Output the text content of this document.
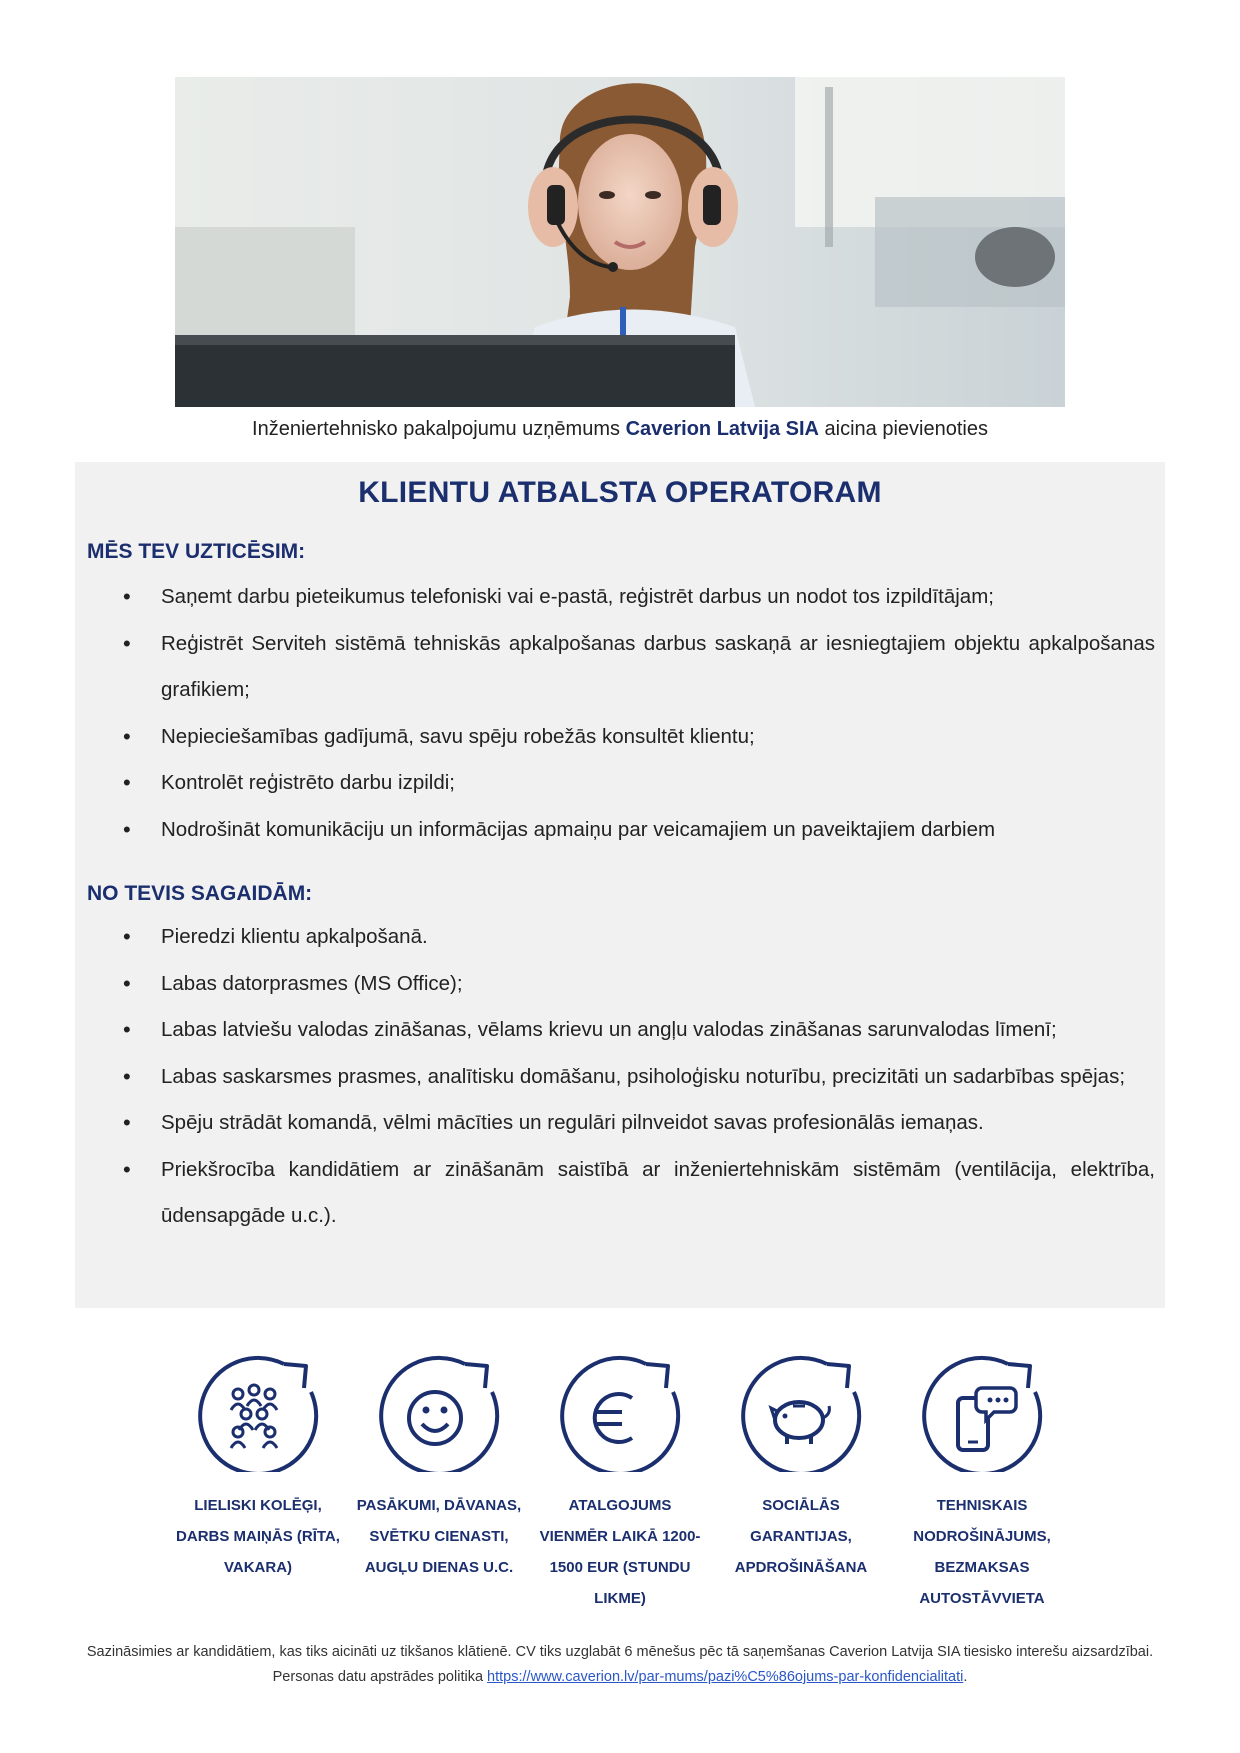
Inženiertehnisko pakalpojumu uzņēmums Caverion Latvija SIA aicina pievienoties
KLIENTU ATBALSTA OPERATORAM
MĒS TEV UZTICĒSIM:
• Saņemt darbu pieteikumus telefoniski vai e-pastā, reģistrēt darbus un nodot tos izpildītājam;
• Reģistrēt Serviteh sistēmā tehniskās apkalpošanas darbus saskaņā ar iesniegtajiem objektu apkalpošanas grafikiem;
• Nepieciešamības gadījumā, savu spēju robežās konsultēt klientu;
• Kontrolēt reģistrēto darbu izpildi;
• Nodrošināt komunikāciju un informācijas apmaiņu par veicamajiem un paveiktajiem darbiem
NO TEVIS SAGAIDĀM:
• Pieredzi klientu apkalpošanā.
• Labas datorprasmes (MS Office);
• Labas latviešu valodas zināšanas, vēlams krievu un angļu valodas zināšanas sarunvalodas līmenī;
• Labas saskarsmes prasmes, analītisku domāšanu, psiholoģisku noturību, precizitāti un sadarbības spējas;
• Spēju strādāt komandā, vēlmi mācīties un regulāri pilnveidot savas profesionālās iemaņas.
• Priekšrocība kandidātiem ar zināšanām saistībā ar inženiertehniskām sistēmām (ventilācija, elektrība, ūdensapgāde u.c.).
LIELISKI KOLĒĢI, DARBS MAIŅĀS (RĪTA, VAKARA)
PASĀKUMI, DĀVANAS, SVĒTKU CIENASTI, AUGĻU DIENAS U.C.
ATALGOJUMS VIENMĒR LAIKĀ 1200-1500 EUR (STUNDU LIKME)
SOCIĀLĀS GARANTIJAS, APDROŠINĀŠANA
TEHNISKAIS NODROŠINĀJUMS, BEZMAKSAS AUTOSTĀVVIETA
Sazināsimies ar kandidātiem, kas tiks aicināti uz tikšanos klātienē. CV tiks uzglabāt 6 mēnešus pēc tā saņemšanas Caverion Latvija SIA tiesisko interešu aizsardzībai. Personas datu apstrādes politika https://www.caverion.lv/par-mums/pazi%C5%86ojums-par-konfidencialitati.
